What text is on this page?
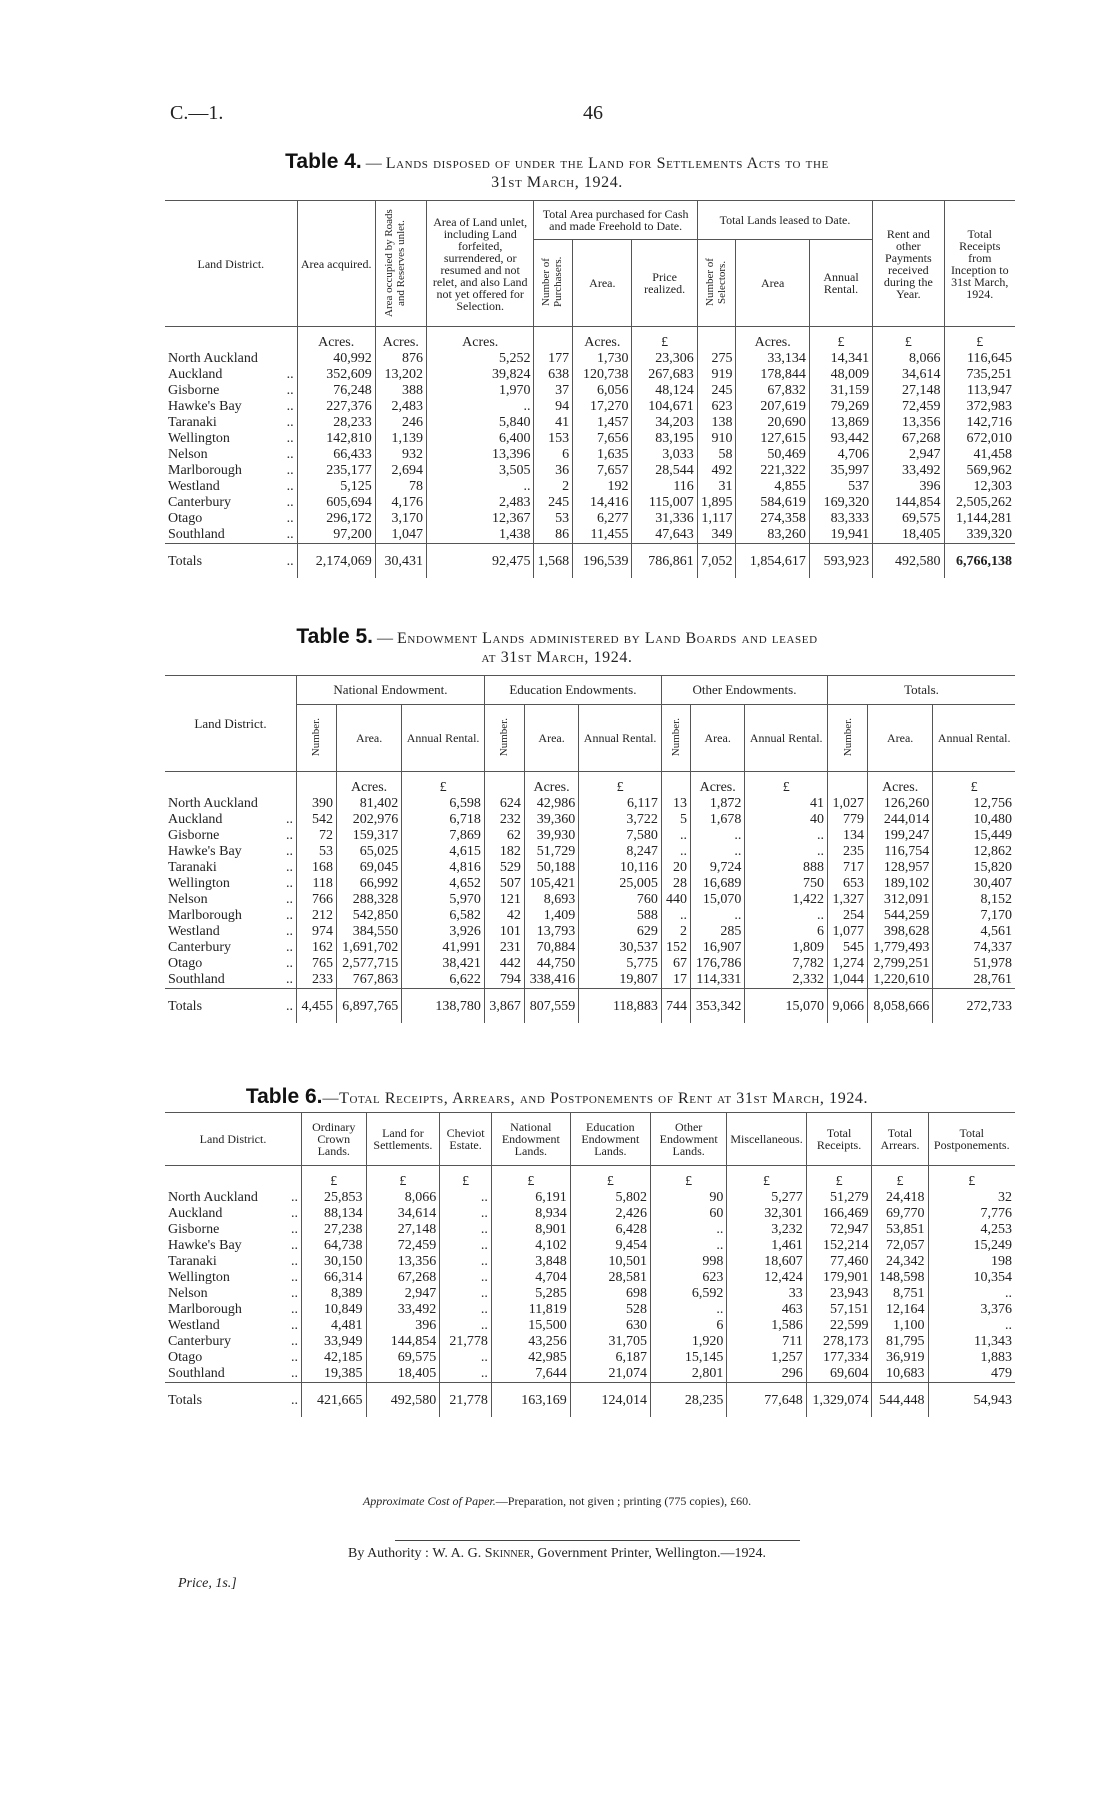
C.—1.	46
Table 4. — Lands disposed of under the Land for Settlements Acts to the
31st March, 1924.
Land District.	Area acquired.	Area occupied by Roads and Reserves unlet.	Area of Land unlet, including Land forfeited, surrendered, or resumed and not relet, and also Land not yet offered for Selection.	Total Area purchased for Cash and made Freehold to Date.			Total Lands leased to Date.			Rent and other Payments received during the Year.	Total Receipts from Inception to 31st March, 1924.
				Number of Purchasers.	Area.	Price realized.	Number of Selectors.	Area	Annual Rental.		
	Acres.	Acres.	Acres.		Acres.	£		Acres.	£	£	£
North Auckland	40,992	876	5,252	177	1,730	23,306	275	33,134	14,341	8,066	116,645
Auckland ..	352,609	13,202	39,824	638	120,738	267,683	919	178,844	48,009	34,614	735,251
Gisborne ..	76,248	388	1,970	37	6,056	48,124	245	67,832	31,159	27,148	113,947
Hawke's Bay ..	227,376	2,483	..	94	17,270	104,671	623	207,619	79,269	72,459	372,983
Taranaki ..	28,233	246	5,840	41	1,457	34,203	138	20,690	13,869	13,356	142,716
Wellington ..	142,810	1,139	6,400	153	7,656	83,195	910	127,615	93,442	67,268	672,010
Nelson ..	66,433	932	13,396	6	1,635	3,033	58	50,469	4,706	2,947	41,458
Marlborough ..	235,177	2,694	3,505	36	7,657	28,544	492	221,322	35,997	33,492	569,962
Westland ..	5,125	78	..	2	192	116	31	4,855	537	396	12,303
Canterbury ..	605,694	4,176	2,483	245	14,416	115,007	1,895	584,619	169,320	144,854	2,505,262
Otago ..	296,172	3,170	12,367	53	6,277	31,336	1,117	274,358	83,333	69,575	1,144,281
Southland ..	97,200	1,047	1,438	86	11,455	47,643	349	83,260	19,941	18,405	339,320
Totals ..	2,174,069	30,431	92,475	1,568	196,539	786,861	7,052	1,854,617	593,923	492,580	6,766,138
Table 5. — Endowment Lands administered by Land Boards and leased
at 31st March, 1924.
Land District.	National Endowment.			Education Endowments.			Other Endowments.			Totals.		
	Number.	Area.	Annual Rental.	Number.	Area.	Annual Rental.	Number.	Area.	Annual Rental.	Number.	Area.	Annual Rental.
		Acres.	£		Acres.	£		Acres.	£		Acres.	£
North Auckland	390	81,402	6,598	624	42,986	6,117	13	1,872	41	1,027	126,260	12,756
Auckland ..	542	202,976	6,718	232	39,360	3,722	5	1,678	40	779	244,014	10,480
Gisborne ..	72	159,317	7,869	62	39,930	7,580	..	..	..	134	199,247	15,449
Hawke's Bay ..	53	65,025	4,615	182	51,729	8,247	..	..	..	235	116,754	12,862
Taranaki ..	168	69,045	4,816	529	50,188	10,116	20	9,724	888	717	128,957	15,820
Wellington ..	118	66,992	4,652	507	105,421	25,005	28	16,689	750	653	189,102	30,407
Nelson ..	766	288,328	5,970	121	8,693	760	440	15,070	1,422	1,327	312,091	8,152
Marlborough ..	212	542,850	6,582	42	1,409	588	..	..	..	254	544,259	7,170
Westland ..	974	384,550	3,926	101	13,793	629	2	285	6	1,077	398,628	4,561
Canterbury ..	162	1,691,702	41,991	231	70,884	30,537	152	16,907	1,809	545	1,779,493	74,337
Otago ..	765	2,577,715	38,421	442	44,750	5,775	67	176,786	7,782	1,274	2,799,251	51,978
Southland ..	233	767,863	6,622	794	338,416	19,807	17	114,331	2,332	1,044	1,220,610	28,761
Totals ..	4,455	6,897,765	138,780	3,867	807,559	118,883	744	353,342	15,070	9,066	8,058,666	272,733
Table 6.—Total Receipts, Arrears, and Postponements of Rent at 31st March, 1924.
Land District.	Ordinary Crown Lands.	Land for Settlements.	Cheviot Estate.	National Endowment Lands.	Education Endowment Lands.	Other Endowment Lands.	Miscellaneous.	Total Receipts.	Total Arrears.	Total Postponements.
	£	£	£	£	£	£	£	£	£	£
North Auckland ..	25,853	8,066	..	6,191	5,802	90	5,277	51,279	24,418	32
Auckland ..	88,134	34,614	..	8,934	2,426	60	32,301	166,469	69,770	7,776
Gisborne ..	27,238	27,148	..	8,901	6,428	..	3,232	72,947	53,851	4,253
Hawke's Bay ..	64,738	72,459	..	4,102	9,454	..	1,461	152,214	72,057	15,249
Taranaki ..	30,150	13,356	..	3,848	10,501	998	18,607	77,460	24,342	198
Wellington ..	66,314	67,268	..	4,704	28,581	623	12,424	179,901	148,598	10,354
Nelson ..	8,389	2,947	..	5,285	698	6,592	33	23,943	8,751	..
Marlborough ..	10,849	33,492	..	11,819	528	..	463	57,151	12,164	3,376
Westland ..	4,481	396	..	15,500	630	6	1,586	22,599	1,100	..
Canterbury ..	33,949	144,854	21,778	43,256	31,705	1,920	711	278,173	81,795	11,343
Otago ..	42,185	69,575	..	42,985	6,187	15,145	1,257	177,334	36,919	1,883
Southland ..	19,385	18,405	..	7,644	21,074	2,801	296	69,604	10,683	479
Totals ..	421,665	492,580	21,778	163,169	124,014	28,235	77,648	1,329,074	544,448	54,943
Approximate Cost of Paper.—Preparation, not given ; printing (775 copies), £60.
By Authority : W. A. G. Skinner, Government Printer, Wellington.—1924.
Price, 1s.]
